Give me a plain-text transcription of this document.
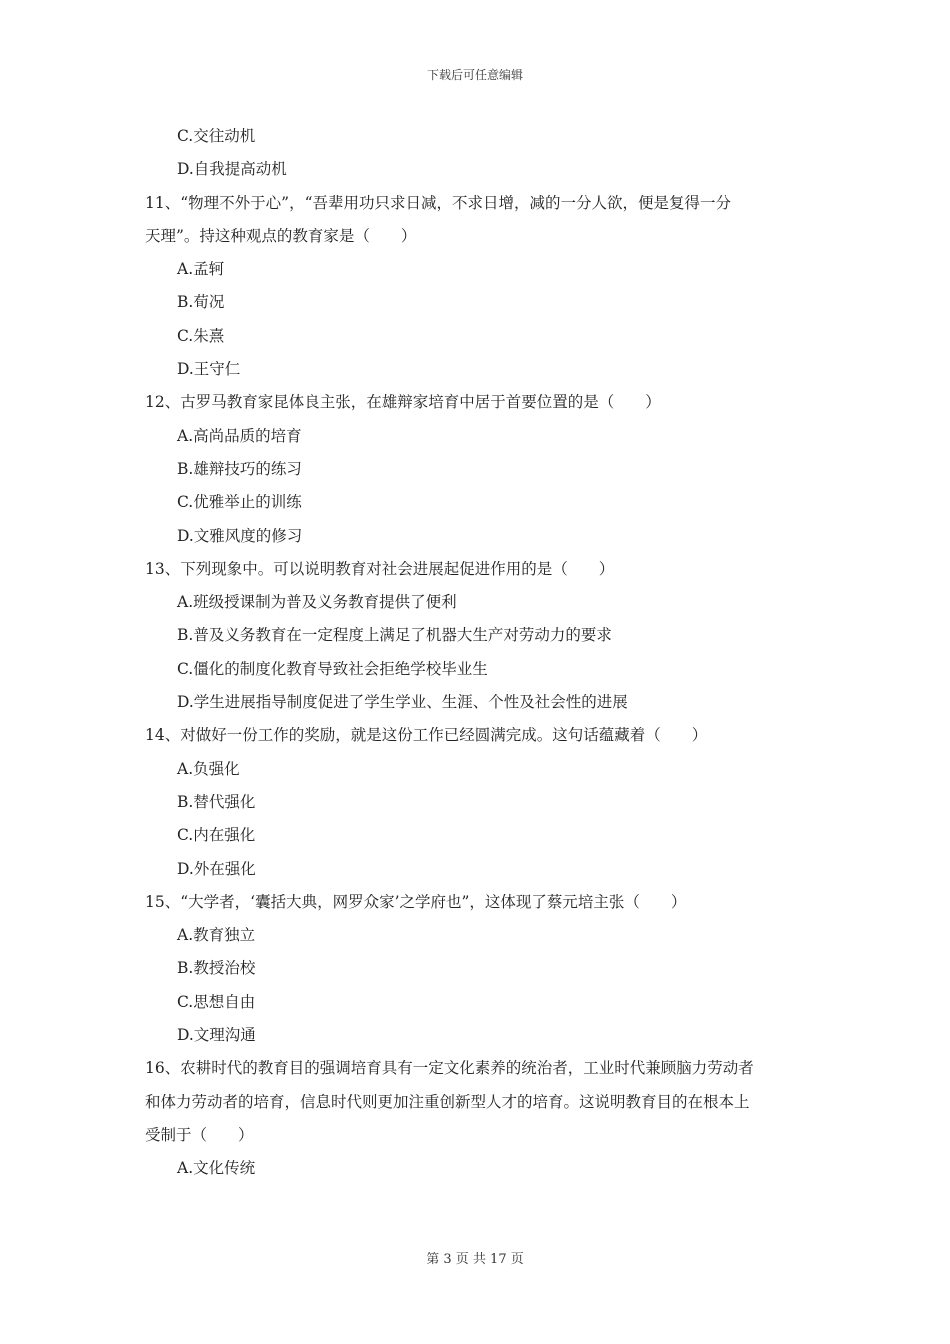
下载后可任意编辑
C.交往动机
D.自我提高动机
11、“物理不外于心”，“吾辈用功只求日减，不求日增，减的一分人欲，便是复得一分
天理”。持这种观点的教育家是（　　）
A.孟轲
B.荀况
C.朱熹
D.王守仁
12、古罗马教育家昆体良主张，在雄辩家培育中居于首要位置的是（　　）
A.高尚品质的培育
B.雄辩技巧的练习
C.优雅举止的训练
D.文雅风度的修习
13、下列现象中。可以说明教育对社会进展起促进作用的是（　　）
A.班级授课制为普及义务教育提供了便利
B.普及义务教育在一定程度上满足了机器大生产对劳动力的要求
C.僵化的制度化教育导致社会拒绝学校毕业生
D.学生进展指导制度促进了学生学业、生涯、个性及社会性的进展
14、对做好一份工作的奖励，就是这份工作已经圆满完成。这句话蕴藏着（　　）
A.负强化
B.替代强化
C.内在强化
D.外在强化
15、“大学者，‘囊括大典，网罗众家’之学府也”，这体现了蔡元培主张（　　）
A.教育独立
B.教授治校
C.思想自由
D.文理沟通
16、农耕时代的教育目的强调培育具有一定文化素养的统治者，工业时代兼顾脑力劳动者
和体力劳动者的培育，信息时代则更加注重创新型人才的培育。这说明教育目的在根本上
受制于（　　）
A.文化传统
第 3 页 共 17 页
